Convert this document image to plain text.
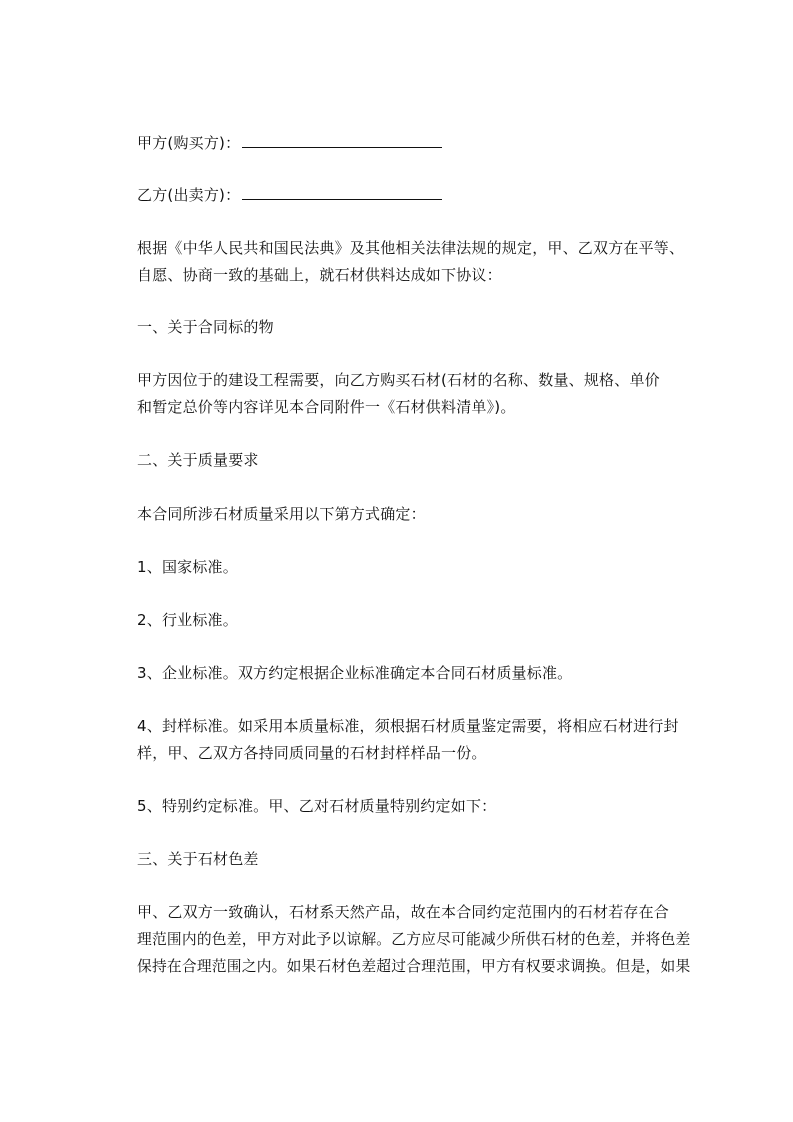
甲方(购买方)：
乙方(出卖方)：
根据《中华人民共和国民法典》及其他相关法律法规的规定，甲、乙双方在平等、
自愿、协商一致的基础上，就石材供料达成如下协议：
一、关于合同标的物
甲方因位于的建设工程需要，向乙方购买石材(石材的名称、数量、规格、单价
和暂定总价等内容详见本合同附件一《石材供料清单》)。
二、关于质量要求
本合同所涉石材质量采用以下第方式确定：
1、国家标准。
2、行业标准。
3、企业标准。双方约定根据企业标准确定本合同石材质量标准。
4、封样标准。如采用本质量标准，须根据石材质量鉴定需要，将相应石材进行封
样，甲、乙双方各持同质同量的石材封样样品一份。
5、特别约定标准。甲、乙对石材质量特别约定如下：
三、关于石材色差
甲、乙双方一致确认，石材系天然产品，故在本合同约定范围内的石材若存在合
理范围内的色差，甲方对此予以谅解。乙方应尽可能减少所供石材的色差，并将色差
保持在合理范围之内。如果石材色差超过合理范围，甲方有权要求调换。但是，如果
